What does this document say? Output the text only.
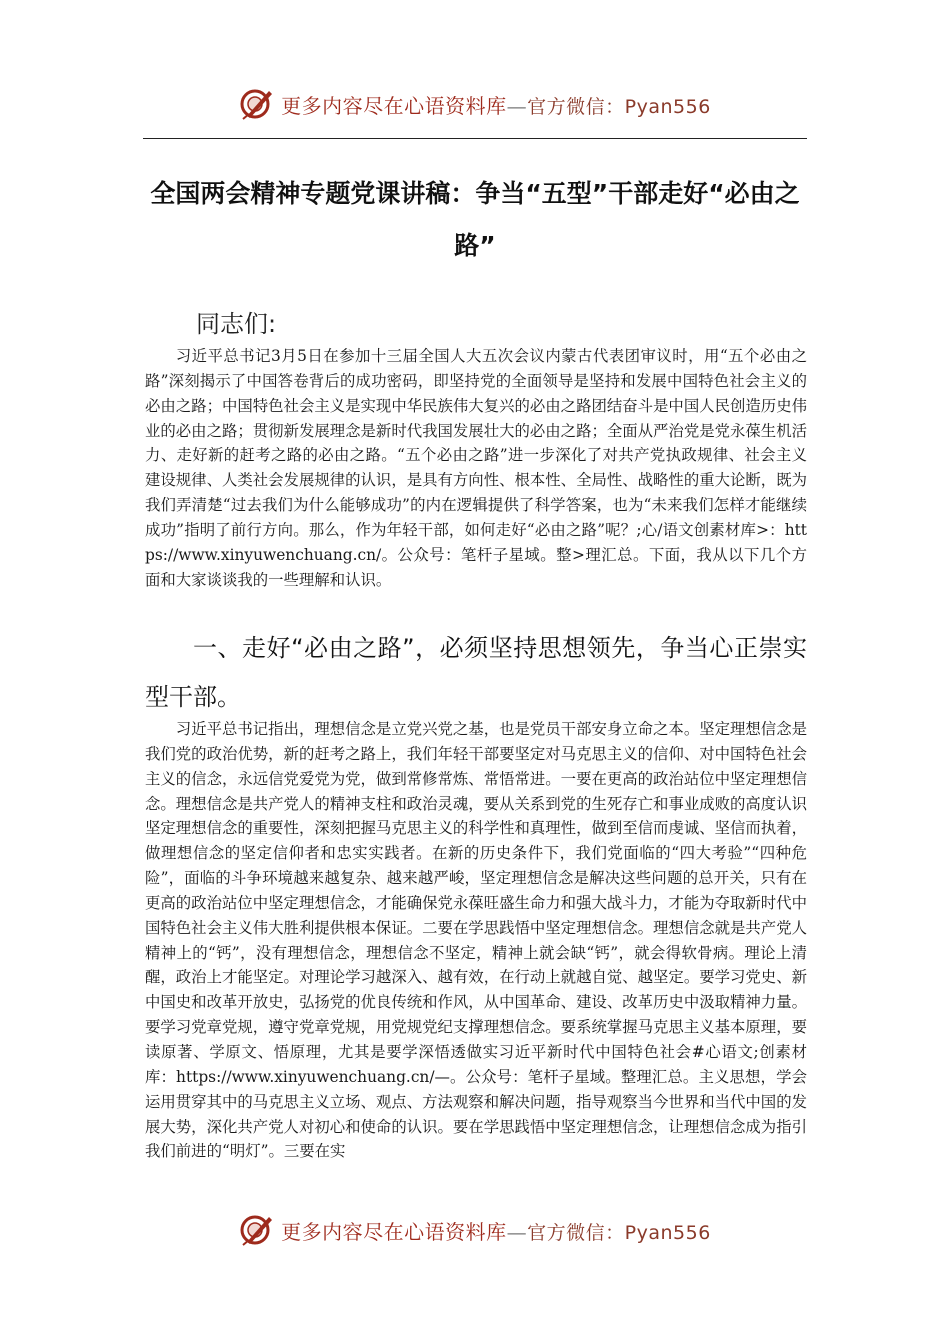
更多内容尽在心语资料库—官方微信：Pyan556
全国两会精神专题党课讲稿：争当“五型”干部走好“必由之路”
同志们:
习近平总书记3月5日在参加十三届全国人大五次会议内蒙古代表团审议时，用“五个必由之路”深刻揭示了中国答卷背后的成功密码，即坚持党的全面领导是坚持和发展中国特色社会主义的必由之路；中国特色社会主义是实现中华民族伟大复兴的必由之路团结奋斗是中国人民创造历史伟业的必由之路；贯彻新发展理念是新时代我国发展壮大的必由之路；全面从严治党是党永葆生机活力、走好新的赶考之路的必由之路。“五个必由之路”进一步深化了对共产党执政规律、社会主义建设规律、人类社会发展规律的认识，是具有方向性、根本性、全局性、战略性的重大论断，既为我们弄清楚“过去我们为什么能够成功”的内在逻辑提供了科学答案，也为“未来我们怎样才能继续成功”指明了前行方向。那么，作为年轻干部，如何走好“必由之路”呢？;心/语文创素材库>：https://www.xinyuwenchuang.cn/。公众号：笔杆子星域。整>理汇总。下面，我从以下几个方面和大家谈谈我的一些理解和认识。
一、走好“必由之路”，必须坚持思想领先，争当心正崇实型干部。
习近平总书记指出，理想信念是立党兴党之基，也是党员干部安身立命之本。坚定理想信念是我们党的政治优势，新的赶考之路上，我们年轻干部要坚定对马克思主义的信仰、对中国特色社会主义的信念，永远信党爱党为党，做到常修常炼、常悟常进。一要在更高的政治站位中坚定理想信念。理想信念是共产党人的精神支柱和政治灵魂，要从关系到党的生死存亡和事业成败的高度认识坚定理想信念的重要性，深刻把握马克思主义的科学性和真理性，做到至信而虔诚、坚信而执着，做理想信念的坚定信仰者和忠实实践者。在新的历史条件下，我们党面临的“四大考验”“四种危险”，面临的斗争环境越来越复杂、越来越严峻，坚定理想信念是解决这些问题的总开关，只有在更高的政治站位中坚定理想信念，才能确保党永葆旺盛生命力和强大战斗力，才能为夺取新时代中国特色社会主义伟大胜利提供根本保证。二要在学思践悟中坚定理想信念。理想信念就是共产党人精神上的“钙”，没有理想信念，理想信念不坚定，精神上就会缺“钙”，就会得软骨病。理论上清醒，政治上才能坚定。对理论学习越深入、越有效，在行动上就越自觉、越坚定。要学习党史、新中国史和改革开放史，弘扬党的优良传统和作风，从中国革命、建设、改革历史中汲取精神力量。要学习党章党规，遵守党章党规，用党规党纪支撑理想信念。要系统掌握马克思主义基本原理，要读原著、学原文、悟原理，尤其是要学深悟透做实习近平新时代中国特色社会#心语文;创素材库：https://www.xinyuwenchuang.cn/—。公众号：笔杆子星域。整理汇总。主义思想，学会运用贯穿其中的马克思主义立场、观点、方法观察和解决问题，指导观察当今世界和当代中国的发展大势，深化共产党人对初心和使命的认识。要在学思践悟中坚定理想信念，让理想信念成为指引我们前进的“明灯”。三要在实
更多内容尽在心语资料库—官方微信：Pyan556
